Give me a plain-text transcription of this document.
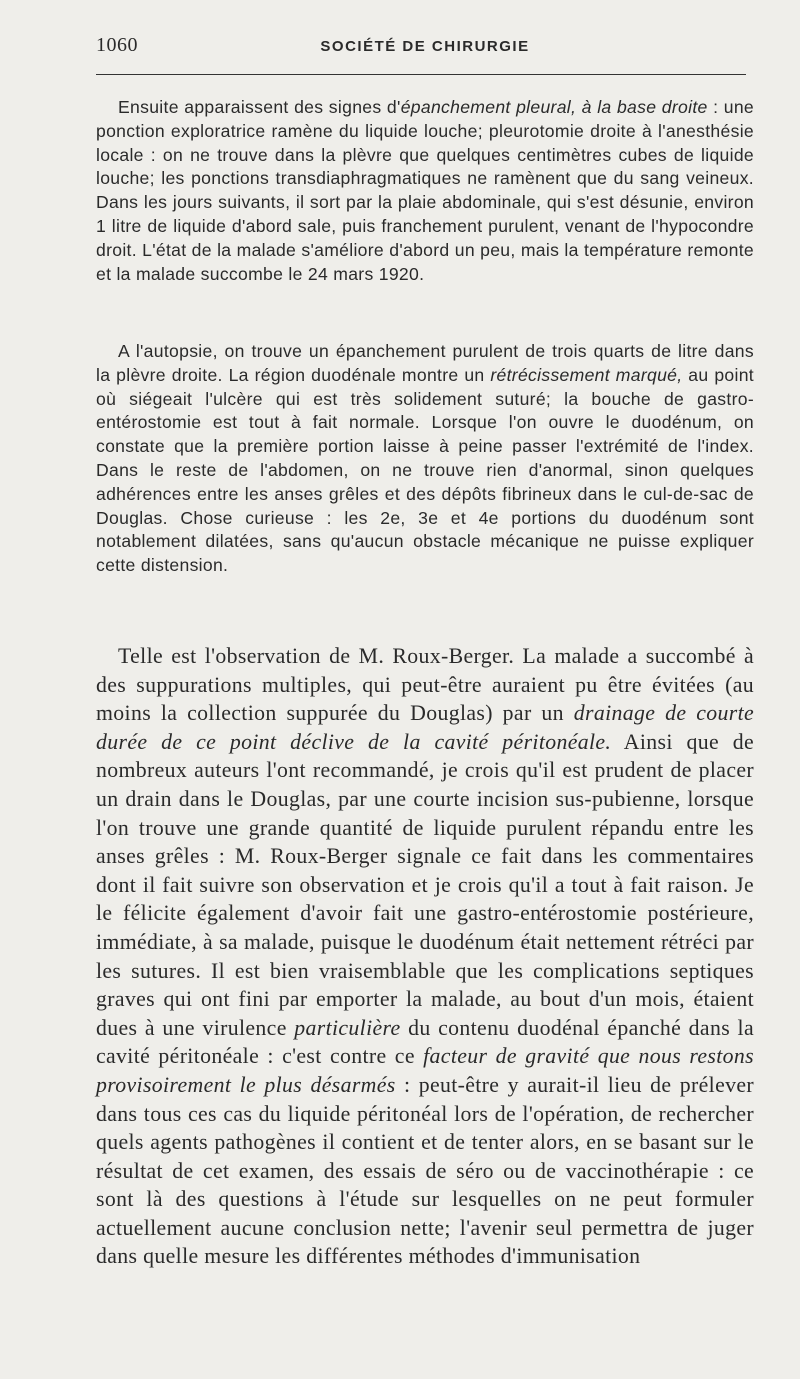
1060	SOCIÉTÉ DE CHIRURGIE

Ensuite apparaissent des signes d'épanchement pleural, à la base droite : une ponction exploratrice ramène du liquide louche; pleurotomie droite à l'anesthésie locale : on ne trouve dans la plèvre que quelques centimètres cubes de liquide louche; les ponctions transdiaphragmatiques ne ramènent que du sang veineux. Dans les jours suivants, il sort par la plaie abdominale, qui s'est désunie, environ 1 litre de liquide d'abord sale, puis franchement purulent, venant de l'hypocondre droit. L'état de la malade s'améliore d'abord un peu, mais la température remonte et la malade succombe le 24 mars 1920.

A l'autopsie, on trouve un épanchement purulent de trois quarts de litre dans la plèvre droite. La région duodénale montre un rétrécissement marqué, au point où siégeait l'ulcère qui est très solidement suturé; la bouche de gastro-entérostomie est tout à fait normale. Lorsque l'on ouvre le duodénum, on constate que la première portion laisse à peine passer l'extrémité de l'index. Dans le reste de l'abdomen, on ne trouve rien d'anormal, sinon quelques adhérences entre les anses grêles et des dépôts fibrineux dans le cul-de-sac de Douglas. Chose curieuse : les 2e, 3e et 4e portions du duodénum sont notablement dilatées, sans qu'aucun obstacle mécanique ne puisse expliquer cette distension.

Telle est l'observation de M. Roux-Berger. La malade a succombé à des suppurations multiples, qui peut-être auraient pu être évitées (au moins la collection suppurée du Douglas) par un drainage de courte durée de ce point déclive de la cavité péritonéale. Ainsi que de nombreux auteurs l'ont recommandé, je crois qu'il est prudent de placer un drain dans le Douglas, par une courte incision sus-pubienne, lorsque l'on trouve une grande quantité de liquide purulent répandu entre les anses grêles : M. Roux-Berger signale ce fait dans les commentaires dont il fait suivre son observation et je crois qu'il a tout à fait raison. Je le félicite également d'avoir fait une gastro-entérostomie postérieure, immédiate, à sa malade, puisque le duodénum était nettement rétréci par les sutures. Il est bien vraisemblable que les complications septiques graves qui ont fini par emporter la malade, au bout d'un mois, étaient dues à une virulence particulière du contenu duodénal épanché dans la cavité péritonéale : c'est contre ce facteur de gravité que nous restons provisoirement le plus désarmés : peut-être y aurait-il lieu de prélever dans tous ces cas du liquide péritonéal lors de l'opération, de rechercher quels agents pathogènes il contient et de tenter alors, en se basant sur le résultat de cet examen, des essais de séro ou de vaccinothérapie : ce sont là des questions à l'étude sur lesquelles on ne peut formuler actuellement aucune conclusion nette; l'avenir seul permettra de juger dans quelle mesure les différentes méthodes d'immunisation
